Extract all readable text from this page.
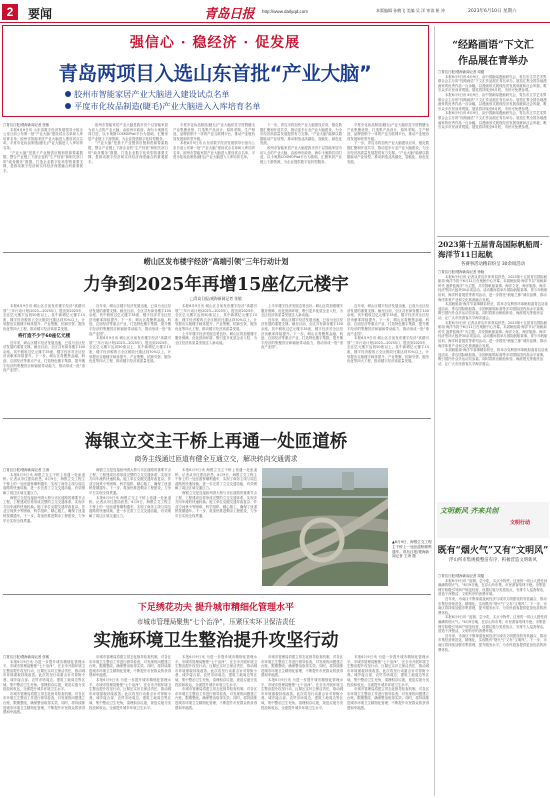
2	要闻	青岛日报 http://www.dailyqd.com	本版编辑 孙鹤飞 美编 吴 洋 审读 崔 冲	2023年6月10日 星期六
强信心 · 稳经济 · 促发展
青岛两项目入选山东首批“产业大脑”
胶州市智能家居产业大脑进入建设试点名单
平度市化妆品制造(睫毛)产业大脑进入入库培育名单
□青岛日报/观海新闻记者 张敏

本报6月9日讯 山东省数字经济发展领导小组办公室日前公布第一批“产业大脑”建设试点名单和入库培育名单，胶州市智能家居产业大脑进入建设试点名单，平度市化妆品制造(睫毛)产业大脑进入入库培育名单。

“产业大脑”是基于产业链供应链和资源要素数据，整合产业链上下游企业的“生产经营”和相关部门的“政务服务”数据，打造企业数字化转型的重要支撑，是推动数字经济和实体经济深度融合的重要抓手。

胶州市智能家居产业大脑是我市首个以智能家居为切入点的产业大脑，由胶州市政府、海尔卡奥斯共同打造，以卡奥斯COSMOPlat平台为基础，汇聚家居产业链上下游资源，为企业提供数字化转型服务。

“产业大脑”是基于产业链供应链和资源要素数据，整合产业链上下游企业的“生产经营”和相关部门的“政务服务”数据，打造企业数字化转型的重要支撑，是推动数字经济和实体经济深度融合的重要抓手。

平度市化妆品制造(睫毛)产业大脑依托平度假睫毛产业集聚优势，打造集产品设计、原料采购、生产制造、品牌营销于一体的产业互联网平台，推动产业链协同发展和转型升级。

本报6月9日讯 山东省数字经济发展领导小组办公室日前公布第一批“产业大脑”建设试点名单和入库培育名单，胶州市智能家居产业大脑进入建设试点名单，平度市化妆品制造(睫毛)产业大脑进入入库培育名单。

下一步，青岛市将加快产业大脑建设应用，强化数据汇聚和开放共享，推动更多行业产业大脑建设，为全市经济高质量发展提供有力支撑。“产业大脑”能够以数据驱动产业转型，推动制造业高端化、智能化、绿色化发展。

胶州市智能家居产业大脑是我市首个以智能家居为切入点的产业大脑，由胶州市政府、海尔卡奥斯共同打造，以卡奥斯COSMOPlat平台为基础，汇聚家居产业链上下游资源，为企业提供数字化转型服务。

平度市化妆品制造(睫毛)产业大脑依托平度假睫毛产业集聚优势，打造集产品设计、原料采购、生产制造、品牌营销于一体的产业互联网平台，推动产业链协同发展和转型升级。

下一步，青岛市将加快产业大脑建设应用，强化数据汇聚和开放共享，推动更多行业产业大脑建设，为全市经济高质量发展提供有力支撑。“产业大脑”能够以数据驱动产业转型，推动制造业高端化、智能化、绿色化发展。

“经路画语”下文汇
作品展在青举办
□青岛日报/观海新闻记者 周健

本报6月9日讯 6月9日，由中国新闻漫画研究会、青岛市文学艺术界联合会主办的“经路画语”下文汇作品展在青岛举办。展览汇集全国各地漫画家的优秀作品一百余幅，以漫画形式展现经济发展成就和社会风貌，吸引众多市民前来观展。展览将持续至6月底，市民可免费参观。

本报6月9日讯 6月9日，由中国新闻漫画研究会、青岛市文学艺术界联合会主办的“经路画语”下文汇作品展在青岛举办。展览汇集全国各地漫画家的优秀作品一百余幅，以漫画形式展现经济发展成就和社会风貌，吸引众多市民前来观展。展览将持续至6月底，市民可免费参观。

本报6月9日讯 6月9日，由中国新闻漫画研究会、青岛市文学艺术界联合会主办的“经路画语”下文汇作品展在青岛举办。展览汇集全国各地漫画家的优秀作品一百余幅，以漫画形式展现经济发展成就和社会风貌，吸引众多市民前来观展。展览将持续至6月底，市民可免费参观。

2023第十五届青岛国际帆船周·海洋节11日起航
各赛事活动精彩纷呈 30余项活动
□青岛日报/观海新闻记者 徐晓

本报6月9日讯 记者从青岛市体育局获悉，2023第十五届青岛国际帆船周·海洋节将于6月11日在奥帆中心开幕。本届帆船周·海洋节以“扬帆新时代 逐梦蓝海洋”为主题，共安排帆船赛事、海洋文化、海洋旅游、海洋经济等四大板块30余项活动。活动期间将举办国际帆船赛事、青少年帆船培训、海洋科普展览等系列活动，进一步擦亮“帆船之都”城市品牌，推动海洋体育产业和文化旅游融合发展。

本届帆船周·海洋节赛事精彩纷呈，将举办克利伯环球帆船赛青岛站欢迎活动、青岛国际帆船赛、全国帆船锦标赛等多项国际国内高水平赛事，吸引国内外众多运动员参赛。同时将推出帆船体验、海滨观光等惠民活动，让广大市民游客共享海洋盛会。

本报6月9日讯 记者从青岛市体育局获悉，2023第十五届青岛国际帆船周·海洋节将于6月11日在奥帆中心开幕。本届帆船周·海洋节以“扬帆新时代 逐梦蓝海洋”为主题，共安排帆船赛事、海洋文化、海洋旅游、海洋经济等四大板块30余项活动。活动期间将举办国际帆船赛事、青少年帆船培训、海洋科普展览等系列活动，进一步擦亮“帆船之都”城市品牌，推动海洋体育产业和文化旅游融合发展。

本届帆船周·海洋节赛事精彩纷呈，将举办克利伯环球帆船赛青岛站欢迎活动、青岛国际帆船赛、全国帆船锦标赛等多项国际国内高水平赛事，吸引国内外众多运动员参赛。同时将推出帆船体验、海滨观光等惠民活动，让广大市民游客共享海洋盛会。

文明新风 齐来共创
文明行动
既有“烟火气”又有“文明风”
浮山所市集规模整洁有序，积极营造文明新风
□青岛日报/观海新闻记者 周健

本报6月9日讯 “逛街、尝小吃、买点小物件，这里的一切让人感受到满满的烟火气。”6月9日晚，在浮山所市集，市民游客络绎不绝。市集管理方积极引导商户规范经营，设置垃圾分类投放点，安排专人巡查保洁，营造干净整洁、文明有序的消费环境。

近年来，市南区不断探索夜间经济与城市文明建设的有机融合，推动市集经营规范化、精细化，实现既有“烟火气”又有“文明风”。下一步，市南区将持续加强市集管理，提升服务水平，为市民游客提供更加优质的消费体验。

本报6月9日讯 “逛街、尝小吃、买点小物件，这里的一切让人感受到满满的烟火气。”6月9日晚，在浮山所市集，市民游客络绎不绝。市集管理方积极引导商户规范经营，设置垃圾分类投放点，安排专人巡查保洁，营造干净整洁、文明有序的消费环境。

近年来，市南区不断探索夜间经济与城市文明建设的有机融合，推动市集经营规范化、精细化，实现既有“烟火气”又有“文明风”。下一步，市南区将持续加强市集管理，提升服务水平，为市民游客提供更加优质的消费体验。

崂山区发布楼宇经济“高端引领”三年行动计划
力争到2025年再增15座亿元楼宇
□青岛日报/观海新闻记者 张敏

本报6月9日讯 崂山区日前发布楼宇经济“高端引领”三年行动计划(2023—2025年)，提出到2025年，全区亿元楼宇达到50座以上，其中新增亿元楼宇15座，楼宇经济税收占全区税收比重达到70%以上。计划提出实施楼宇载体提升、产业集聚、招商引资、服务优化等四大工程，推动楼宇经济高质量发展。

将打造不少于60座亿元楼

近年来，崂山区楼宇经济发展迅速，已成为全区经济发展的重要支撑。截至目前，全区共有商务楼宇100余座，其中税收过亿元楼宇35座，楼宇经济对全区经济贡献率持续提升。下一步，崂山区将聚焦金融、科创、总部经济等重点产业，打造特色楼宇集群，提升楼宇经济的集聚效应和辐射带动能力，推动形成一批“垂直产业园”。

近年来，崂山区楼宇经济发展迅速，已成为全区经济发展的重要支撑。截至目前，全区共有商务楼宇100余座，其中税收过亿元楼宇35座，楼宇经济对全区经济贡献率持续提升。下一步，崂山区将聚焦金融、科创、总部经济等重点产业，打造特色楼宇集群，提升楼宇经济的集聚效应和辐射带动能力，推动形成一批“垂直产业园”。

本报6月9日讯 崂山区日前发布楼宇经济“高端引领”三年行动计划(2023—2025年)，提出到2025年，全区亿元楼宇达到50座以上，其中新增亿元楼宇15座，楼宇经济税收占全区税收比重达到70%以上。计划提出实施楼宇载体提升、产业集聚、招商引资、服务优化等四大工程，推动楼宇经济高质量发展。

本报6月9日讯 崂山区日前发布楼宇经济“高端引领”三年行动计划(2023—2025年)，提出到2025年，全区亿元楼宇达到50座以上，其中新增亿元楼宇15座，楼宇经济税收占全区税收比重达到70%以上。计划提出实施楼宇载体提升、产业集聚、招商引资、服务优化等四大工程，推动楼宇经济高质量发展。

上半年楼宇经济发展态势良好。崂山区将加强楼宇服务保障，优化营商环境，吸引更多优质企业入驻，为全区经济高质量发展注入新动能。

上半年楼宇经济发展态势良好。崂山区将加强楼宇服务保障，优化营商环境，吸引更多优质企业入驻，为全区经济高质量发展注入新动能。

近年来，崂山区楼宇经济发展迅速，已成为全区经济发展的重要支撑。截至目前，全区共有商务楼宇100余座，其中税收过亿元楼宇35座，楼宇经济对全区经济贡献率持续提升。下一步，崂山区将聚焦金融、科创、总部经济等重点产业，打造特色楼宇集群，提升楼宇经济的集聚效应和辐射带动能力，推动形成一批“垂直产业园”。

近年来，崂山区楼宇经济发展迅速，已成为全区经济发展的重要支撑。截至目前，全区共有商务楼宇100余座，其中税收过亿元楼宇35座，楼宇经济对全区经济贡献率持续提升。下一步，崂山区将聚焦金融、科创、总部经济等重点产业，打造特色楼宇集群，提升楼宇经济的集聚效应和辐射带动能力，推动形成一批“垂直产业园”。

本报6月9日讯 崂山区日前发布楼宇经济“高端引领”三年行动计划(2023—2025年)，提出到2025年，全区亿元楼宇达到50座以上，其中新增亿元楼宇15座，楼宇经济税收占全区税收比重达到70%以上。计划提出实施楼宇载体提升、产业集聚、招商引资、服务优化等四大工程，推动楼宇经济高质量发展。

海银立交主干桥上再通一处匝道桥
商务主线通过匝道有健全互通立交，解决转向交通需求
□青岛日报/观海新闻记者 王涛

本报6月9日讯 海银立交主干桥上再通一处匝道桥。记者从市住建局获悉，6月9日，海银立交工程主干桥上的一处匝道桥顺利通车，实现了商务主线与周边道路的快速转换，进一步完善了立交交通功能，有效缓解了周边区域交通压力。

海银立交是连接胶州湾大桥与市区道路的重要节点工程，工程建成后将形成完整的立交交通体系，实现多方向车流的快速转换。施工单位克服交通导改复杂、作业空间狭小等困难，科学组织、精心施工，确保了匝道桥按期通车。下一步，将加快推进剩余工程建设，力争早日实现全线贯通。

海银立交是连接胶州湾大桥与市区道路的重要节点工程，工程建成后将形成完整的立交交通体系，实现多方向车流的快速转换。施工单位克服交通导改复杂、作业空间狭小等困难，科学组织、精心施工，确保了匝道桥按期通车。下一步，将加快推进剩余工程建设，力争早日实现全线贯通。

本报6月9日讯 海银立交主干桥上再通一处匝道桥。记者从市住建局获悉，6月9日，海银立交工程主干桥上的一处匝道桥顺利通车，实现了商务主线与周边道路的快速转换，进一步完善了立交交通功能，有效缓解了周边区域交通压力。

本报6月9日讯 海银立交主干桥上再通一处匝道桥。记者从市住建局获悉，6月9日，海银立交工程主干桥上的一处匝道桥顺利通车，实现了商务主线与周边道路的快速转换，进一步完善了立交交通功能，有效缓解了周边区域交通压力。

海银立交是连接胶州湾大桥与市区道路的重要节点工程，工程建成后将形成完整的立交交通体系，实现多方向车流的快速转换。施工单位克服交通导改复杂、作业空间狭小等困难，科学组织、精心施工，确保了匝道桥按期通车。下一步，将加快推进剩余工程建设，力争早日实现全线贯通。

▲6月9日，海银立交工程主干桥上一处匝道桥顺利通车。青岛日报/观海新闻记者 王涛 摄
下足绣花功夫 提升城市精细化管理水平
市城市管理局聚焦“七个治净”，压紧压实环卫保洁责任
实施环境卫生整治提升攻坚行动
□青岛日报/观海新闻记者 张敏

本报6月9日讯 为进一步提升城市精细化管理水平，市城市管理局聚焦“七个治净”，在全市开展环境卫生整治提升攻坚行动，压紧压实环卫保洁责任，推动城市环境面貌持续改善。此次攻坚行动重点针对背街小巷、城乡接合部、农贸市场周边、建筑工地周边等区域，集中整治卫生死角，清理积存垃圾，规范垃圾分类投放和收运，全面提升城乡环境卫生水平。

市城市管理局将建立常态化督导检查机制，对各区市环境卫生整治工作进行督导检查，对发现的问题建立台账、限期整改，确保整治取得实效。同时，将持续推进城市环境卫生精细化管理，不断提升市民群众的获得感和幸福感。

市城市管理局将建立常态化督导检查机制，对各区市环境卫生整治工作进行督导检查，对发现的问题建立台账、限期整改，确保整治取得实效。同时，将持续推进城市环境卫生精细化管理，不断提升市民群众的获得感和幸福感。

本报6月9日讯 为进一步提升城市精细化管理水平，市城市管理局聚焦“七个治净”，在全市开展环境卫生整治提升攻坚行动，压紧压实环卫保洁责任，推动城市环境面貌持续改善。此次攻坚行动重点针对背街小巷、城乡接合部、农贸市场周边、建筑工地周边等区域，集中整治卫生死角，清理积存垃圾，规范垃圾分类投放和收运，全面提升城乡环境卫生水平。

本报6月9日讯 为进一步提升城市精细化管理水平，市城市管理局聚焦“七个治净”，在全市开展环境卫生整治提升攻坚行动，压紧压实环卫保洁责任，推动城市环境面貌持续改善。此次攻坚行动重点针对背街小巷、城乡接合部、农贸市场周边、建筑工地周边等区域，集中整治卫生死角，清理积存垃圾，规范垃圾分类投放和收运，全面提升城乡环境卫生水平。

市城市管理局将建立常态化督导检查机制，对各区市环境卫生整治工作进行督导检查，对发现的问题建立台账、限期整改，确保整治取得实效。同时，将持续推进城市环境卫生精细化管理，不断提升市民群众的获得感和幸福感。

市城市管理局将建立常态化督导检查机制，对各区市环境卫生整治工作进行督导检查，对发现的问题建立台账、限期整改，确保整治取得实效。同时，将持续推进城市环境卫生精细化管理，不断提升市民群众的获得感和幸福感。

本报6月9日讯 为进一步提升城市精细化管理水平，市城市管理局聚焦“七个治净”，在全市开展环境卫生整治提升攻坚行动，压紧压实环卫保洁责任，推动城市环境面貌持续改善。此次攻坚行动重点针对背街小巷、城乡接合部、农贸市场周边、建筑工地周边等区域，集中整治卫生死角，清理积存垃圾，规范垃圾分类投放和收运，全面提升城乡环境卫生水平。

本报6月9日讯 为进一步提升城市精细化管理水平，市城市管理局聚焦“七个治净”，在全市开展环境卫生整治提升攻坚行动，压紧压实环卫保洁责任，推动城市环境面貌持续改善。此次攻坚行动重点针对背街小巷、城乡接合部、农贸市场周边、建筑工地周边等区域，集中整治卫生死角，清理积存垃圾，规范垃圾分类投放和收运，全面提升城乡环境卫生水平。

市城市管理局将建立常态化督导检查机制，对各区市环境卫生整治工作进行督导检查，对发现的问题建立台账、限期整改，确保整治取得实效。同时，将持续推进城市环境卫生精细化管理，不断提升市民群众的获得感和幸福感。
